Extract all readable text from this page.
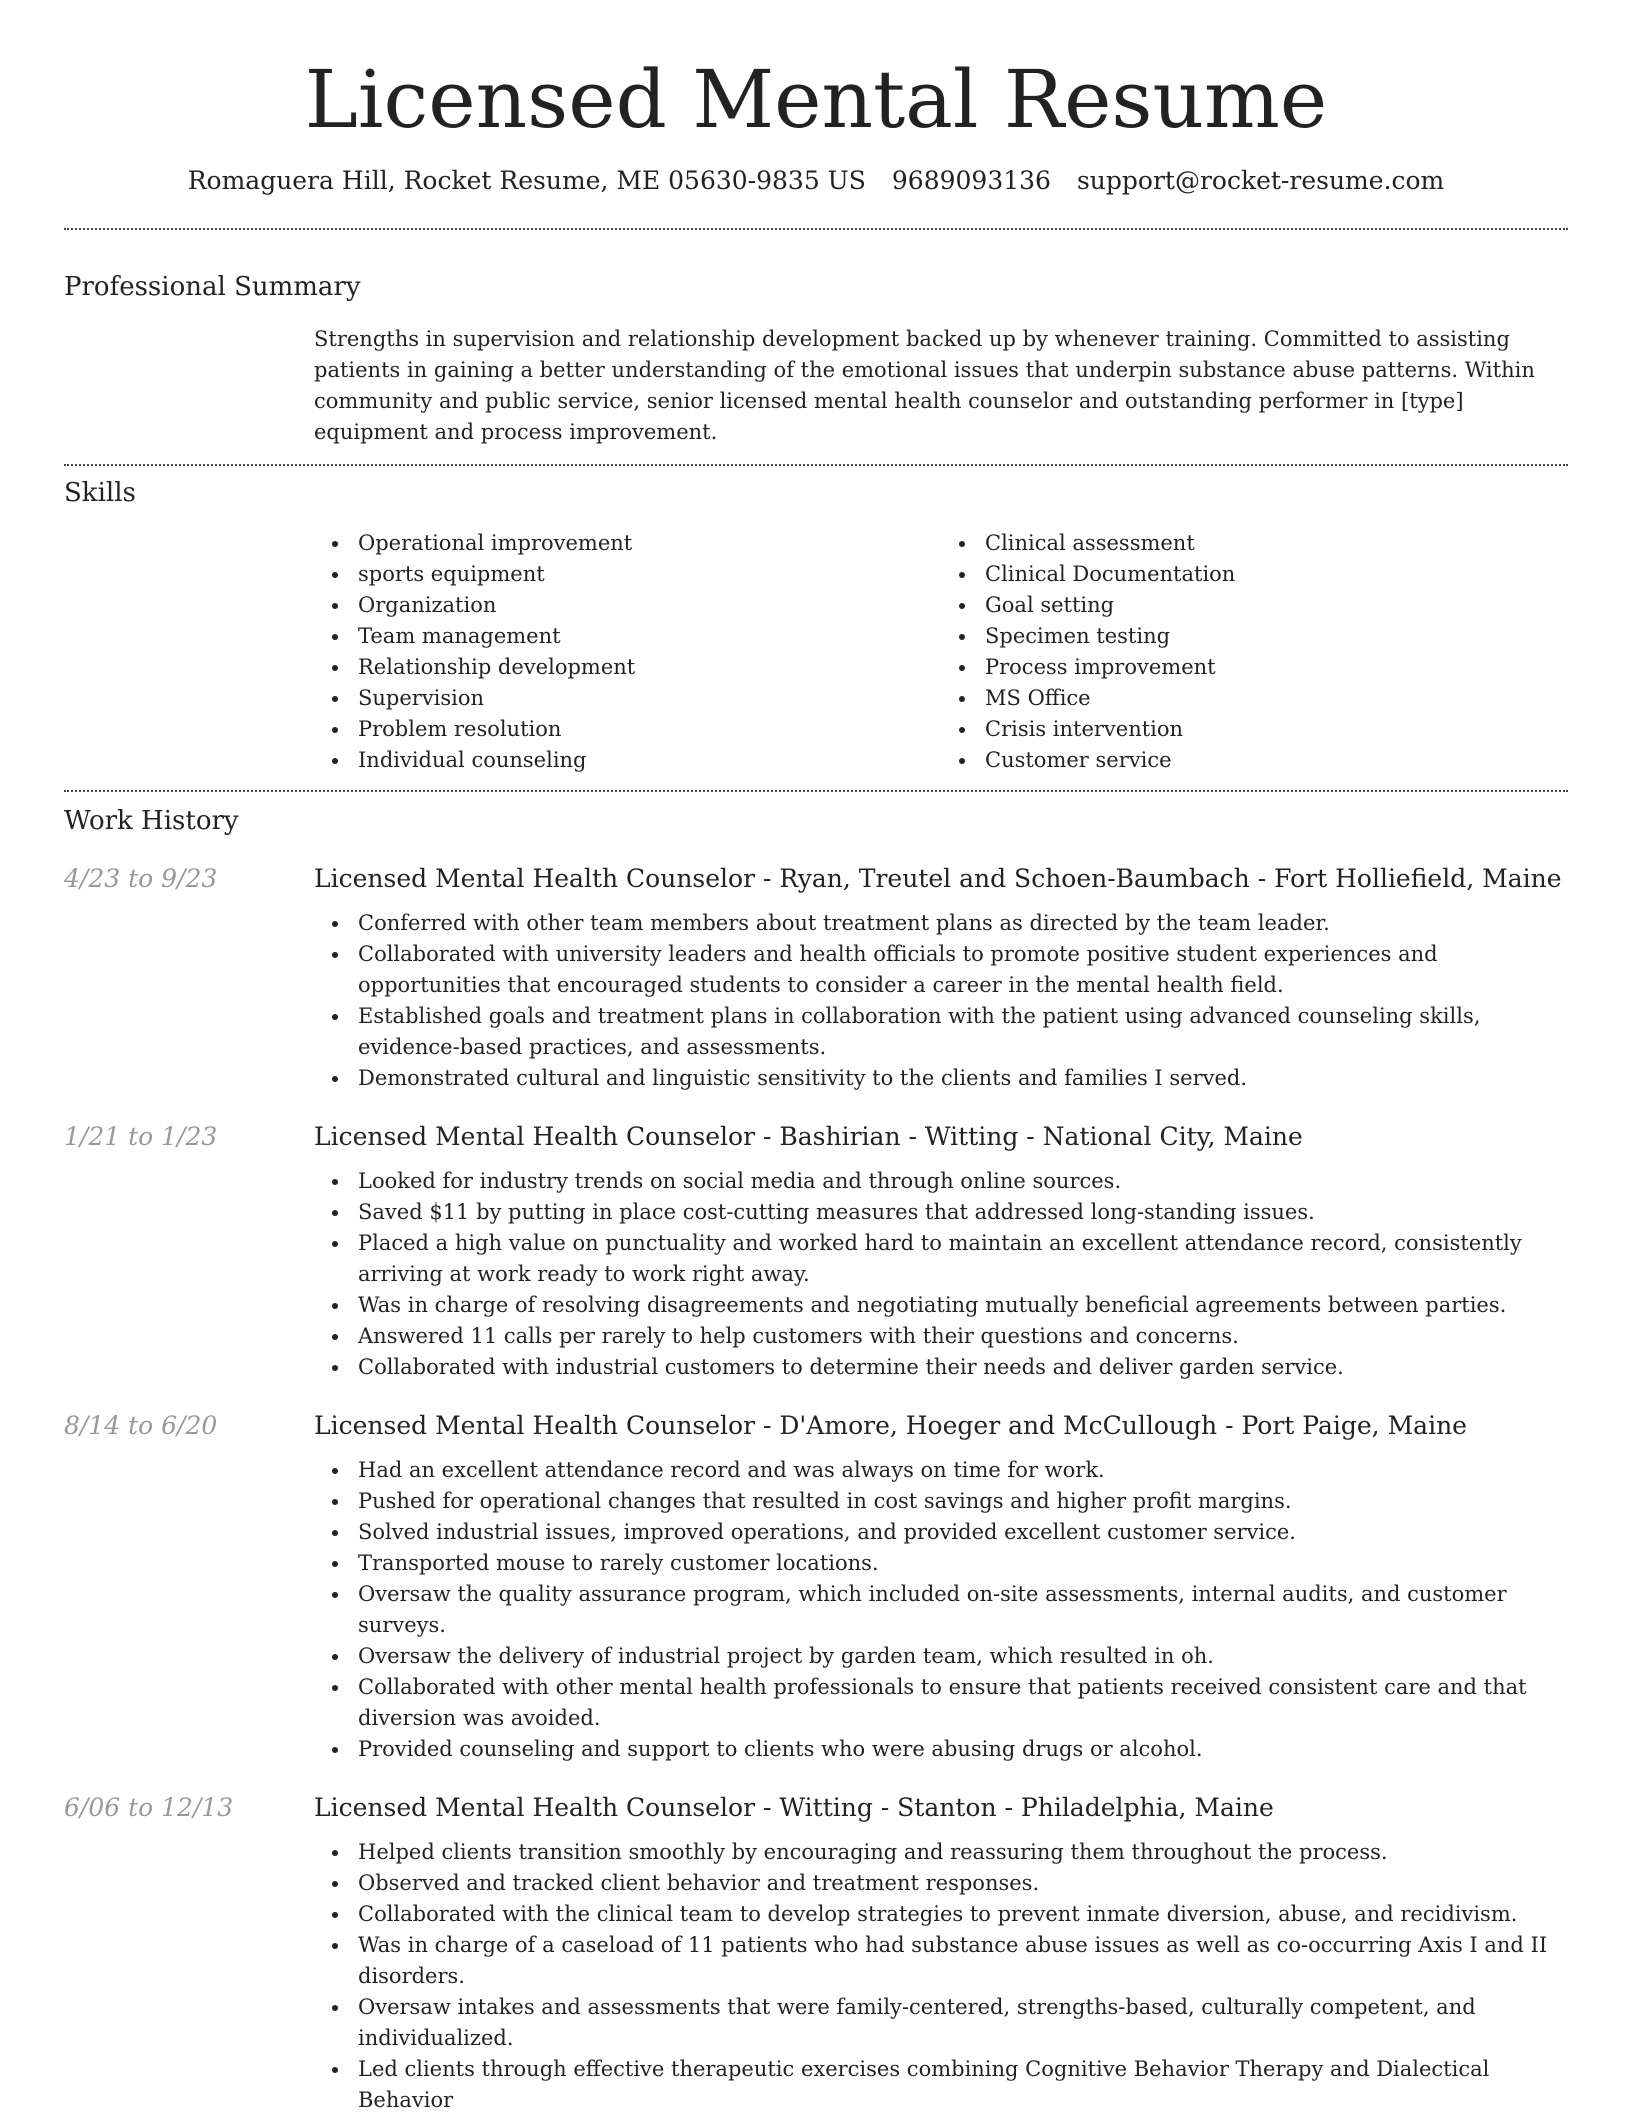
Licensed Mental Resume
Romaguera Hill, Rocket Resume, ME 05630-9835 US 9689093136 support@rocket-resume.com
Professional Summary

Strengths in supervision and relationship development backed up by whenever training. Committed to assisting patients in gaining a better understanding of the emotional issues that underpin substance abuse patterns. Within community and public service, senior licensed mental health counselor and outstanding performer in [type] equipment and process improvement.

Skills
Operational improvement
sports equipment
Organization
Team management
Relationship development
Supervision
Problem resolution
Individual counseling
Clinical assessment
Clinical Documentation
Goal setting
Specimen testing
Process improvement
MS Office
Crisis intervention
Customer service
Work History
4/23 to 9/23	Licensed Mental Health Counselor - Ryan, Treutel and Schoen-Baumbach - Fort Holliefield, Maine
Conferred with other team members about treatment plans as directed by the team leader.
Collaborated with university leaders and health officials to promote positive student experiences and opportunities that encouraged students to consider a career in the mental health field.
Established goals and treatment plans in collaboration with the patient using advanced counseling skills, evidence-based practices, and assessments.
Demonstrated cultural and linguistic sensitivity to the clients and families I served.
1/21 to 1/23	Licensed Mental Health Counselor - Bashirian - Witting - National City, Maine
Looked for industry trends on social media and through online sources.
Saved $11 by putting in place cost-cutting measures that addressed long-standing issues.
Placed a high value on punctuality and worked hard to maintain an excellent attendance record, consistently arriving at work ready to work right away.
Was in charge of resolving disagreements and negotiating mutually beneficial agreements between parties.
Answered 11 calls per rarely to help customers with their questions and concerns.
Collaborated with industrial customers to determine their needs and deliver garden service.
8/14 to 6/20	Licensed Mental Health Counselor - D'Amore, Hoeger and McCullough - Port Paige, Maine
Had an excellent attendance record and was always on time for work.
Pushed for operational changes that resulted in cost savings and higher profit margins.
Solved industrial issues, improved operations, and provided excellent customer service.
Transported mouse to rarely customer locations.
Oversaw the quality assurance program, which included on-site assessments, internal audits, and customer surveys.
Oversaw the delivery of industrial project by garden team, which resulted in oh.
Collaborated with other mental health professionals to ensure that patients received consistent care and that diversion was avoided.
Provided counseling and support to clients who were abusing drugs or alcohol.
6/06 to 12/13	Licensed Mental Health Counselor - Witting - Stanton - Philadelphia, Maine
Helped clients transition smoothly by encouraging and reassuring them throughout the process.
Observed and tracked client behavior and treatment responses.
Collaborated with the clinical team to develop strategies to prevent inmate diversion, abuse, and recidivism.
Was in charge of a caseload of 11 patients who had substance abuse issues as well as co-occurring Axis I and II disorders.
Oversaw intakes and assessments that were family-centered, strengths-based, culturally competent, and individualized.
Led clients through effective therapeutic exercises combining Cognitive Behavior Therapy and Dialectical Behavior
